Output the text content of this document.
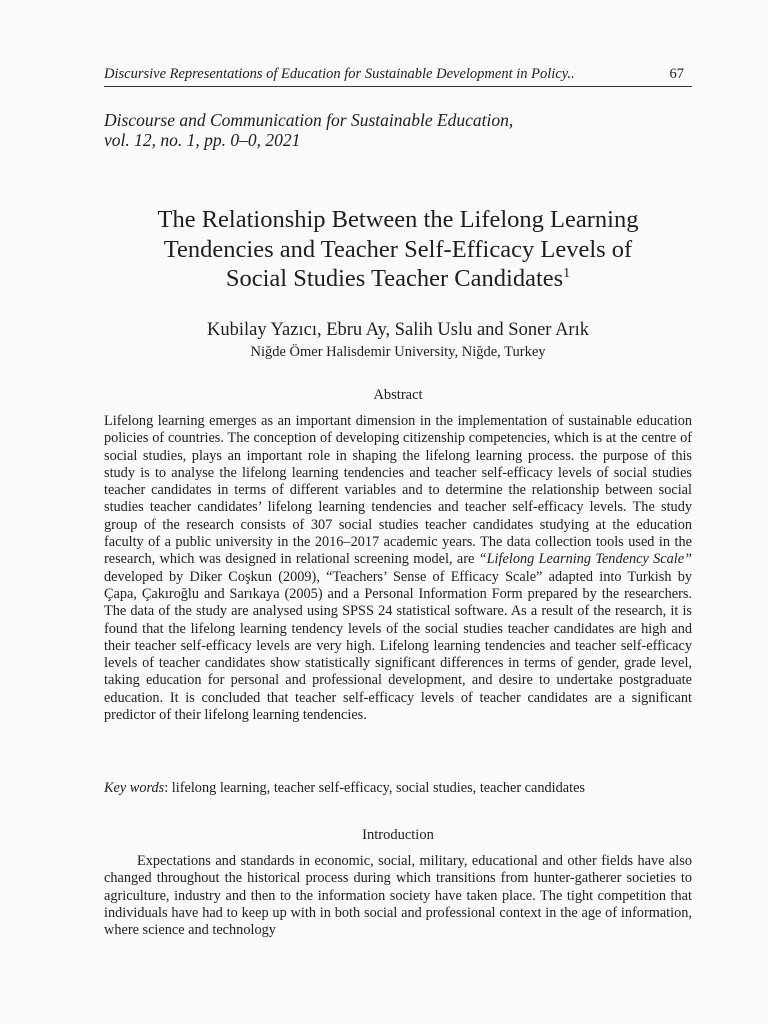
Discursive Representations of Education for Sustainable Development in Policy..	67
Discourse and Communication for Sustainable Education,
vol. 12, no. 1, pp. 0–0, 2021
The Relationship Between the Lifelong Learning
Tendencies and Teacher Self-Efficacy Levels of
Social Studies Teacher Candidates$^1$
Kubilay Yazıcı, Ebru Ay, Salih Uslu and Soner Arık
Niğde Ömer Halisdemir University, Niğde, Turkey
Abstract
Lifelong learning emerges as an important dimension in the implementation of sustainable education policies of countries. The conception of developing citizenship competencies, which is at the centre of social studies, plays an important role in shaping the lifelong learning process. the purpose of this study is to analyse the lifelong learning tendencies and teacher self-efficacy levels of social studies teacher candidates in terms of different variables and to determine the relationship between social studies teacher candidates’ lifelong learning tendencies and teacher self-efficacy levels. The study group of the research consists of 307 social studies teacher candidates studying at the education faculty of a public university in the 2016–2017 academic years. The data collection tools used in the research, which was designed in relational screening model, are “Lifelong Learning Tendency Scale” developed by Diker Coşkun (2009), “Teachers’ Sense of Efficacy Scale” adapted into Turkish by Çapa, Çakıroğlu and Sarıkaya (2005) and a Personal Information Form prepared by the researchers. The data of the study are analysed using SPSS 24 statistical software. As a result of the research, it is found that the lifelong learning tendency levels of the social studies teacher candidates are high and their teacher self-efficacy levels are very high. Lifelong learning tendencies and teacher self-efficacy levels of teacher candidates show statistically significant differences in terms of gender, grade level, taking education for personal and professional development, and desire to undertake postgraduate education. It is concluded that teacher self-efficacy levels of teacher candidates are a significant predictor of their lifelong learning tendencies.
Key words: lifelong learning, teacher self-efficacy, social studies, teacher candidates
Introduction
Expectations and standards in economic, social, military, educational and other fields have also changed throughout the historical process during which transitions from hunter-gatherer societies to agriculture, industry and then to the information society have taken place. The tight competition that individuals have had to keep up with in both social and professional context in the age of information, where science and technology
